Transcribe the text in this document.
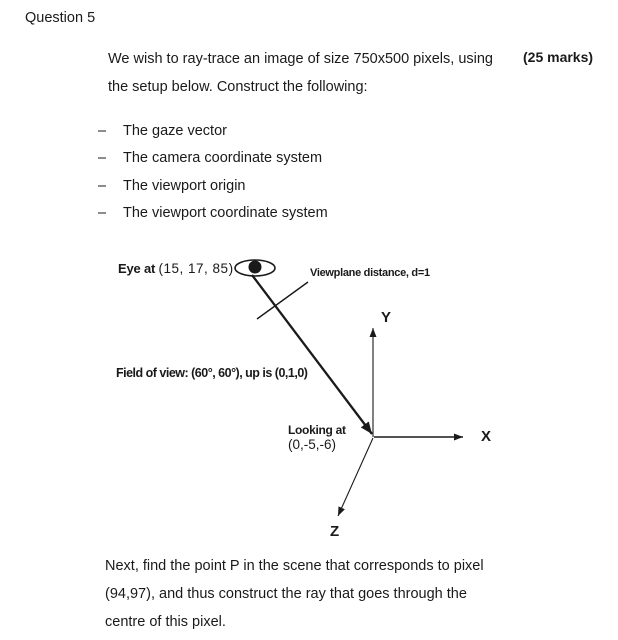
Question 5
We wish to ray-trace an image of size 750x500 pixels, using
the setup below. Construct the following:
(25 marks)
–	The gaze vector
–	The camera coordinate system
–	The viewport origin
–	The viewport coordinate system
Eye at (15, 17, 85)	Viewplane distance, d=1
Field of view: (60°, 60°), up is (0,1,0)
Looking at
(0,-5,-6)	X
Y
Z
Next, find the point P in the scene that corresponds to pixel
(94,97), and thus construct the ray that goes through the
centre of this pixel.
